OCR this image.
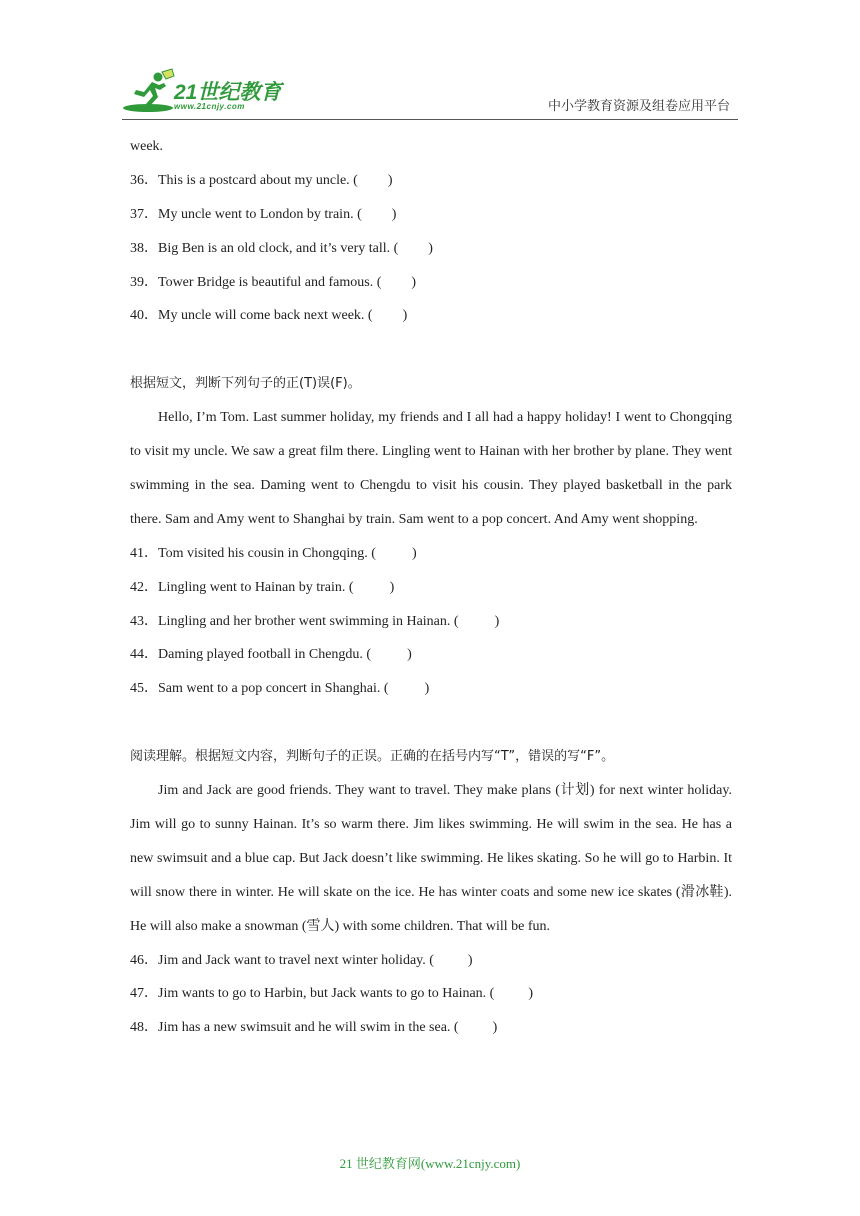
21世纪教育
www.21cnjy.com	中小学教育资源及组卷应用平台
week.
36．This is a postcard about my uncle. ( )
37．My uncle went to London by train. ( )
38．Big Ben is an old clock, and it’s very tall. ( )
39．Tower Bridge is beautiful and famous. ( )
40．My uncle will come back next week. ( )
根据短文，判断下列句子的正(T)误(F)。

Hello, I’m Tom. Last summer holiday, my friends and I all had a happy holiday! I went to Chongqing to visit my uncle. We saw a great film there. Lingling went to Hainan with her brother by plane. They went swimming in the sea. Daming went to Chengdu to visit his cousin. They played basketball in the park there. Sam and Amy went to Shanghai by train. Sam went to a pop concert. And Amy went shopping.

41．Tom visited his cousin in Chongqing. (	)
42．Lingling went to Hainan by train. (	)
43．Lingling and her brother went swimming in Hainan. (	)
44．Daming played football in Chengdu. (	)
45．Sam went to a pop concert in Shanghai. (	)
阅读理解。根据短文内容，判断句子的正误。正确的在括号内写“T”，错误的写“F”。

Jim and Jack are good friends. They want to travel. They make plans (计划) for next winter holiday. Jim will go to sunny Hainan. It’s so warm there. Jim likes swimming. He will swim in the sea. He has a new swimsuit and a blue cap. But Jack doesn’t like swimming. He likes skating. So he will go to Harbin. It will snow there in winter. He will skate on the ice. He has winter coats and some new ice skates (滑冰鞋). He will also make a snowman (雪人) with some children. That will be fun.

46．Jim and Jack want to travel next winter holiday. ( )
47．Jim wants to go to Harbin, but Jack wants to go to Hainan. ( )
48．Jim has a new swimsuit and he will swim in the sea. ( )
21 世纪教育网(www.21cnjy.com)
